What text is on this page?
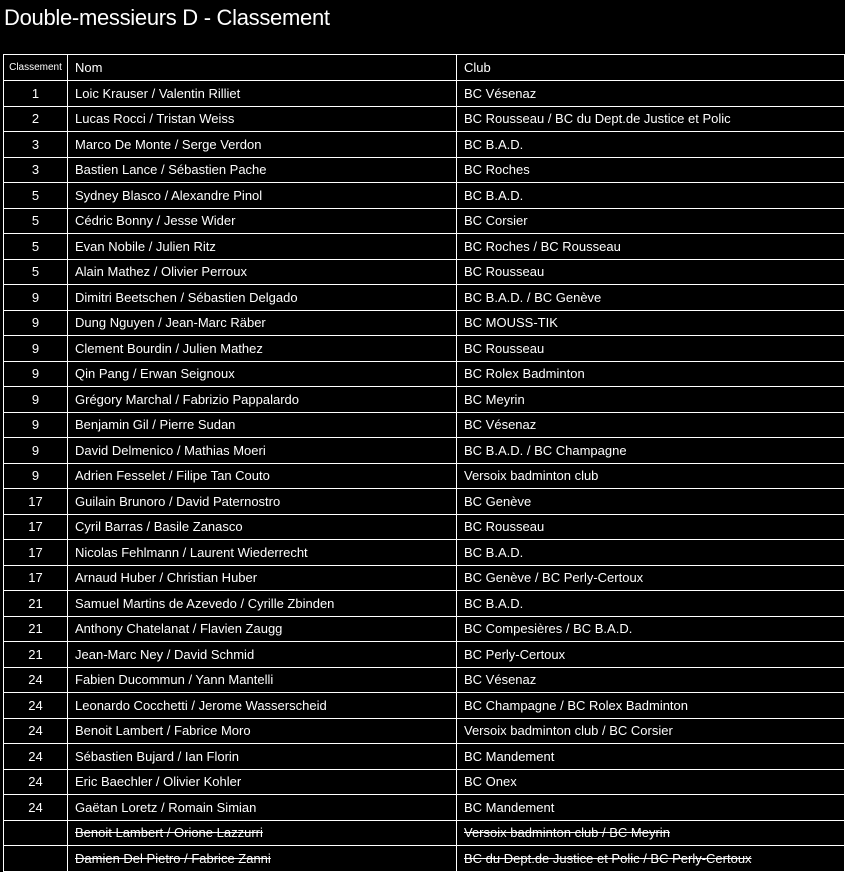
Double-messieurs D - Classement
Classement	Nom	Club
1	Loic Krauser / Valentin Rilliet	BC Vésenaz
2	Lucas Rocci / Tristan Weiss	BC Rousseau / BC du Dept.de Justice et Polic
3	Marco De Monte / Serge Verdon	BC B.A.D.
3	Bastien Lance / Sébastien Pache	BC Roches
5	Sydney Blasco / Alexandre Pinol	BC B.A.D.
5	Cédric Bonny / Jesse Wider	BC Corsier
5	Evan Nobile / Julien Ritz	BC Roches / BC Rousseau
5	Alain Mathez / Olivier Perroux	BC Rousseau
9	Dimitri Beetschen / Sébastien Delgado	BC B.A.D. / BC Genève
9	Dung Nguyen / Jean-Marc Räber	BC MOUSS-TIK
9	Clement Bourdin / Julien Mathez	BC Rousseau
9	Qin Pang / Erwan Seignoux	BC Rolex Badminton
9	Grégory Marchal / Fabrizio Pappalardo	BC Meyrin
9	Benjamin Gil / Pierre Sudan	BC Vésenaz
9	David Delmenico / Mathias Moeri	BC B.A.D. / BC Champagne
9	Adrien Fesselet / Filipe Tan Couto	Versoix badminton club
17	Guilain Brunoro / David Paternostro	BC Genève
17	Cyril Barras / Basile Zanasco	BC Rousseau
17	Nicolas Fehlmann / Laurent Wiederrecht	BC B.A.D.
17	Arnaud Huber / Christian Huber	BC Genève / BC Perly-Certoux
21	Samuel Martins de Azevedo / Cyrille Zbinden	BC B.A.D.
21	Anthony Chatelanat / Flavien Zaugg	BC Compesières / BC B.A.D.
21	Jean-Marc Ney / David Schmid	BC Perly-Certoux
24	Fabien Ducommun / Yann Mantelli	BC Vésenaz
24	Leonardo Cocchetti / Jerome Wasserscheid	BC Champagne / BC Rolex Badminton
24	Benoit Lambert / Fabrice Moro	Versoix badminton club / BC Corsier
24	Sébastien Bujard / Ian Florin	BC Mandement
24	Eric Baechler / Olivier Kohler	BC Onex
24	Gaëtan Loretz / Romain Simian	BC Mandement
	Benoit Lambert / Orione Lazzurri	Versoix badminton club / BC Meyrin
	Damien Del Pietro / Fabrice Zanni	BC du Dept.de Justice et Polic / BC Perly-Certoux
